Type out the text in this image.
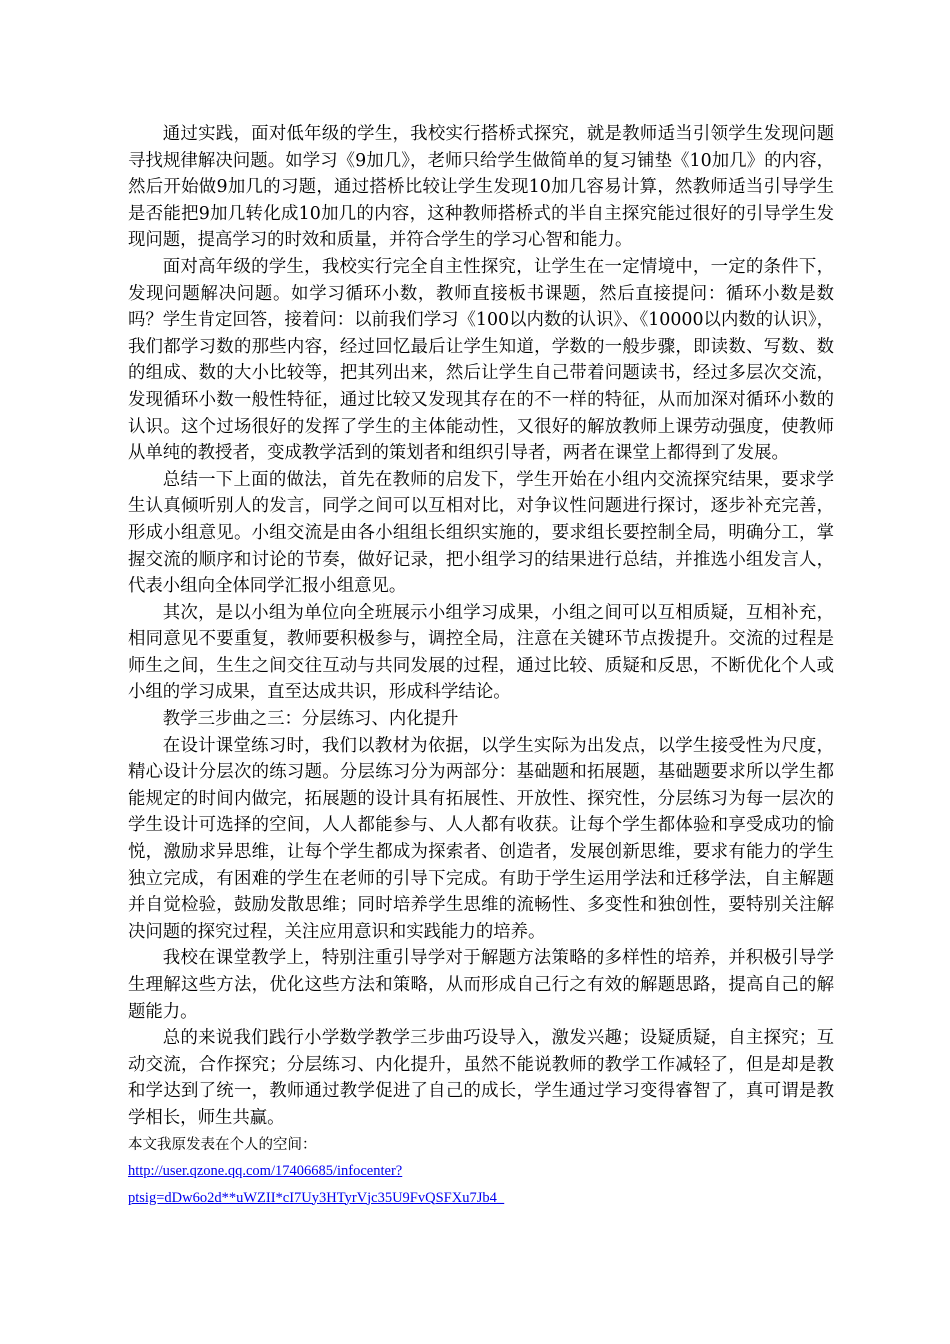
通过实践，面对低年级的学生，我校实行搭桥式探究，就是教师适当引领学生发现问题寻找规律解决问题。如学习《9加几》，老师只给学生做简单的复习铺垫《10加几》的内容，然后开始做9加几的习题，通过搭桥比较让学生发现10加几容易计算，然教师适当引导学生是否能把9加几转化成10加几的内容，这种教师搭桥式的半自主探究能过很好的引导学生发现问题，提高学习的时效和质量，并符合学生的学习心智和能力。

面对高年级的学生，我校实行完全自主性探究，让学生在一定情境中，一定的条件下，发现问题解决问题。如学习循环小数，教师直接板书课题，然后直接提问：循环小数是数吗？学生肯定回答，接着问：以前我们学习《100以内数的认识》、《10000以内数的认识》，我们都学习数的那些内容，经过回忆最后让学生知道，学数的一般步骤，即读数、写数、数的组成、数的大小比较等，把其列出来，然后让学生自己带着问题读书，经过多层次交流，发现循环小数一般性特征，通过比较又发现其存在的不一样的特征，从而加深对循环小数的认识。这个过场很好的发挥了学生的主体能动性，又很好的解放教师上课劳动强度，使教师从单纯的教授者，变成教学活到的策划者和组织引导者，两者在课堂上都得到了发展。

总结一下上面的做法，首先在教师的启发下，学生开始在小组内交流探究结果，要求学生认真倾听别人的发言，同学之间可以互相对比，对争议性问题进行探讨，逐步补充完善，形成小组意见。小组交流是由各小组组长组织实施的，要求组长要控制全局，明确分工，掌握交流的顺序和讨论的节奏，做好记录，把小组学习的结果进行总结，并推选小组发言人，代表小组向全体同学汇报小组意见。

其次，是以小组为单位向全班展示小组学习成果，小组之间可以互相质疑，互相补充，相同意见不要重复，教师要积极参与，调控全局，注意在关键环节点拨提升。交流的过程是师生之间，生生之间交往互动与共同发展的过程，通过比较、质疑和反思，不断优化个人或小组的学习成果，直至达成共识，形成科学结论。

教学三步曲之三：分层练习、内化提升

在设计课堂练习时，我们以教材为依据，以学生实际为出发点，以学生接受性为尺度，精心设计分层次的练习题。分层练习分为两部分：基础题和拓展题，基础题要求所以学生都能规定的时间内做完，拓展题的设计具有拓展性、开放性、探究性，分层练习为每一层次的学生设计可选择的空间，人人都能参与、人人都有收获。让每个学生都体验和享受成功的愉悦，激励求异思维，让每个学生都成为探索者、创造者，发展创新思维，要求有能力的学生独立完成，有困难的学生在老师的引导下完成。有助于学生运用学法和迁移学法，自主解题并自觉检验，鼓励发散思维；同时培养学生思维的流畅性、多变性和独创性，要特别关注解决问题的探究过程，关注应用意识和实践能力的培养。

我校在课堂教学上，特别注重引导学对于解题方法策略的多样性的培养，并积极引导学生理解这些方法，优化这些方法和策略，从而形成自己行之有效的解题思路，提高自己的解题能力。

总的来说我们践行小学数学教学三步曲巧设导入，激发兴趣；设疑质疑，自主探究；互动交流，合作探究；分层练习、内化提升，虽然不能说教师的教学工作减轻了，但是却是教和学达到了统一，教师通过教学促进了自己的成长，学生通过学习变得睿智了，真可谓是教学相长，师生共赢。

本文我原发表在个人的空间：

http://user.qzone.qq.com/17406685/infocenter?
ptsig=dDw6o2d**uWZII*cI7Uy3HTyrVjc35U9FvQSFXu7Jb4_
